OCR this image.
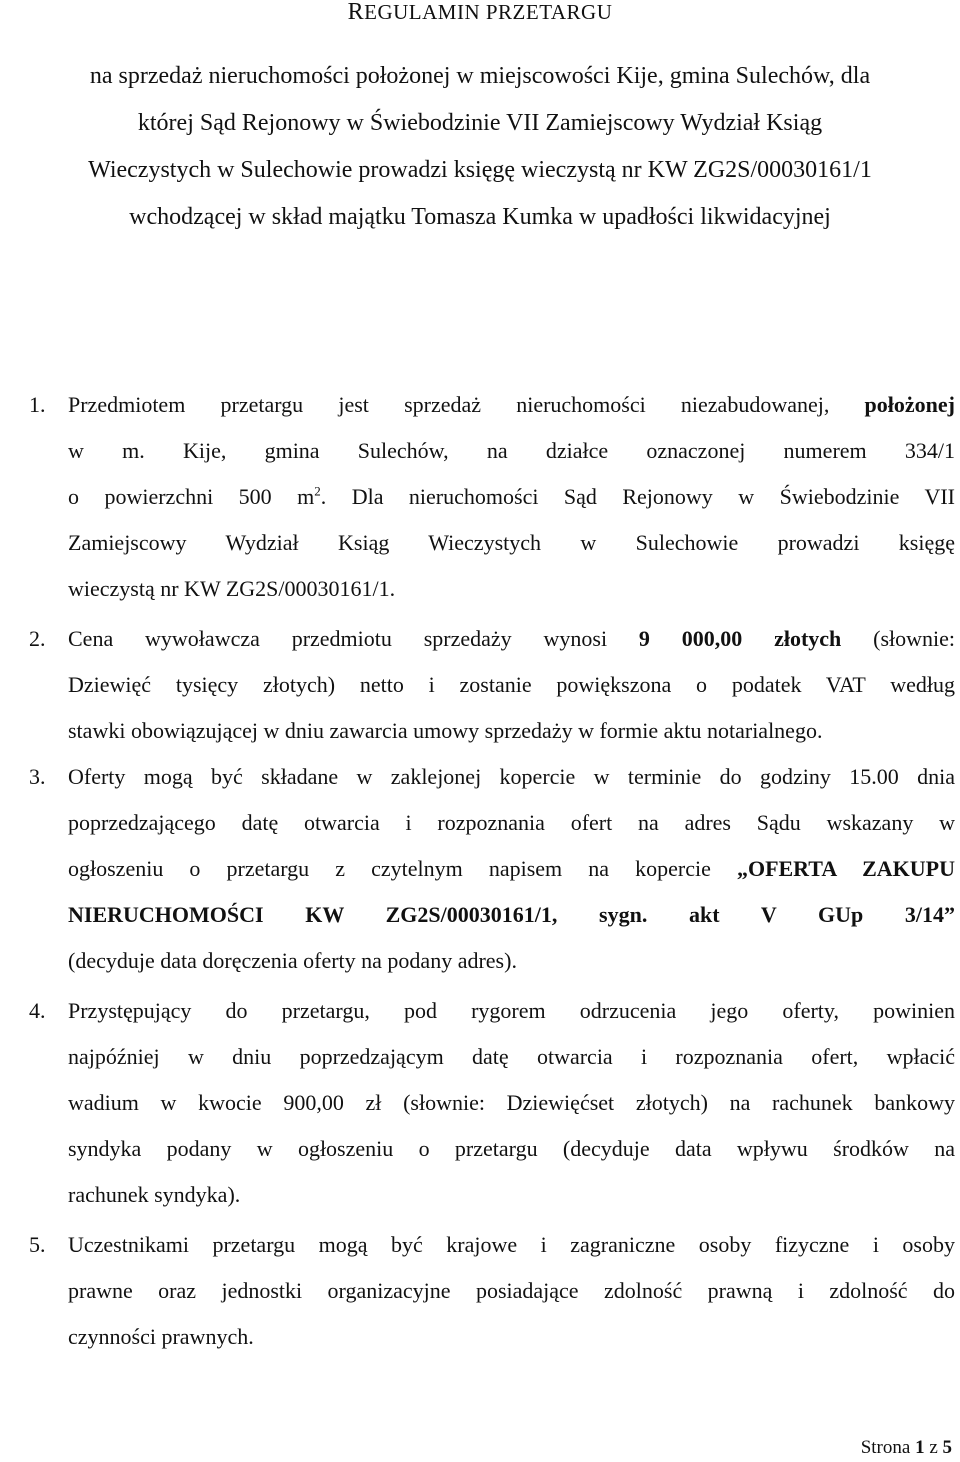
REGULAMIN PRZETARGU
na sprzedaż nieruchomości położonej w miejscowości Kije, gmina Sulechów, dla
której Sąd Rejonowy w Świebodzinie VII Zamiejscowy Wydział Ksiąg
Wieczystych w Sulechowie prowadzi księgę wieczystą nr KW ZG2S/00030161/1
wchodzącej w skład majątku Tomasza Kumka w upadłości likwidacyjnej
1. Przedmiotem przetargu jest sprzedaż nieruchomości niezabudowanej, położonej
w m. Kije, gmina Sulechów, na działce oznaczonej numerem 334/1
o powierzchni 500 $m^2$. Dla nieruchomości Sąd Rejonowy w Świebodzinie VII
Zamiejscowy Wydział Ksiąg Wieczystych w Sulechowie prowadzi księgę
wieczystą nr KW ZG2S/00030161/1.
2. Cena wywoławcza przedmiotu sprzedaży wynosi 9 000,00 złotych (słownie:
Dziewięć tysięcy złotych) netto i zostanie powiększona o podatek VAT według
stawki obowiązującej w dniu zawarcia umowy sprzedaży w formie aktu notarialnego.
3. Oferty mogą być składane w zaklejonej kopercie w terminie do godziny 15.00 dnia
poprzedzającego datę otwarcia i rozpoznania ofert na adres Sądu wskazany w
ogłoszeniu o przetargu z czytelnym napisem na kopercie „OFERTA ZAKUPU
NIERUCHOMOŚCI KW ZG2S/00030161/1, sygn. akt V GUp 3/14”
(decyduje data doręczenia oferty na podany adres).
4. Przystępujący do przetargu, pod rygorem odrzucenia jego oferty, powinien
najpóźniej w dniu poprzedzającym datę otwarcia i rozpoznania ofert, wpłacić
wadium w kwocie 900,00 zł (słownie: Dziewięćset złotych) na rachunek bankowy
syndyka podany w ogłoszeniu o przetargu (decyduje data wpływu środków na
rachunek syndyka).
5. Uczestnikami przetargu mogą być krajowe i zagraniczne osoby fizyczne i osoby
prawne oraz jednostki organizacyjne posiadające zdolność prawną i zdolność do
czynności prawnych.
Strona 1 z 5
